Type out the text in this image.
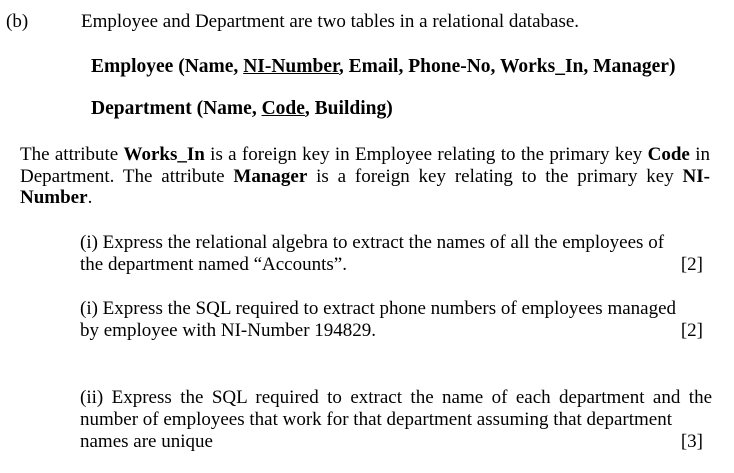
(b)	Employee and Department are two tables in a relational database.
Employee (Name, NI-Number, Email, Phone-No, Works_In, Manager)
Department (Name, Code, Building)
The attribute Works_In is a foreign key in Employee relating to the primary key Code in Department. The attribute Manager is a foreign key relating to the primary key NI-Number.
(i) Express the relational algebra to extract the names of all the employees of
the department named “Accounts”.	[2]
(i) Express the SQL required to extract phone numbers of employees managed
by employee with NI-Number 194829.	[2]
(ii) Express the SQL required to extract the name of each department and the number of employees that work for that department assuming that department
names are unique	[3]
